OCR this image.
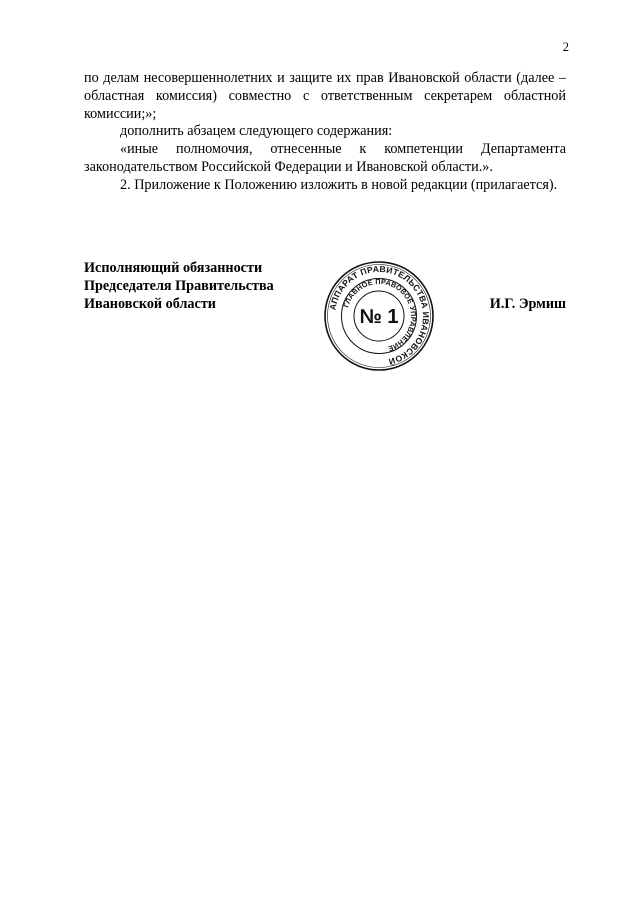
2

по делам несовершеннолетних и защите их прав Ивановской области (далее – областная комиссия) совместно с ответственным секретарем областной комиссии;»;

дополнить абзацем следующего содержания:

«иные полномочия, отнесенные к компетенции Департамента законодательством Российской Федерации и Ивановской области.».

2. Приложение к Положению изложить в новой редакции (прилагается).

Исполняющий обязанности
Председателя Правительства
Ивановской области	АППАРАТ ПРАВИТЕЛЬСТВА ИВАНОВСКОЙ
ГЛАВНОЕ ПРАВОВОЕ УПРАВЛЕНИЕ
№ 1
И.Г. Эрмиш
